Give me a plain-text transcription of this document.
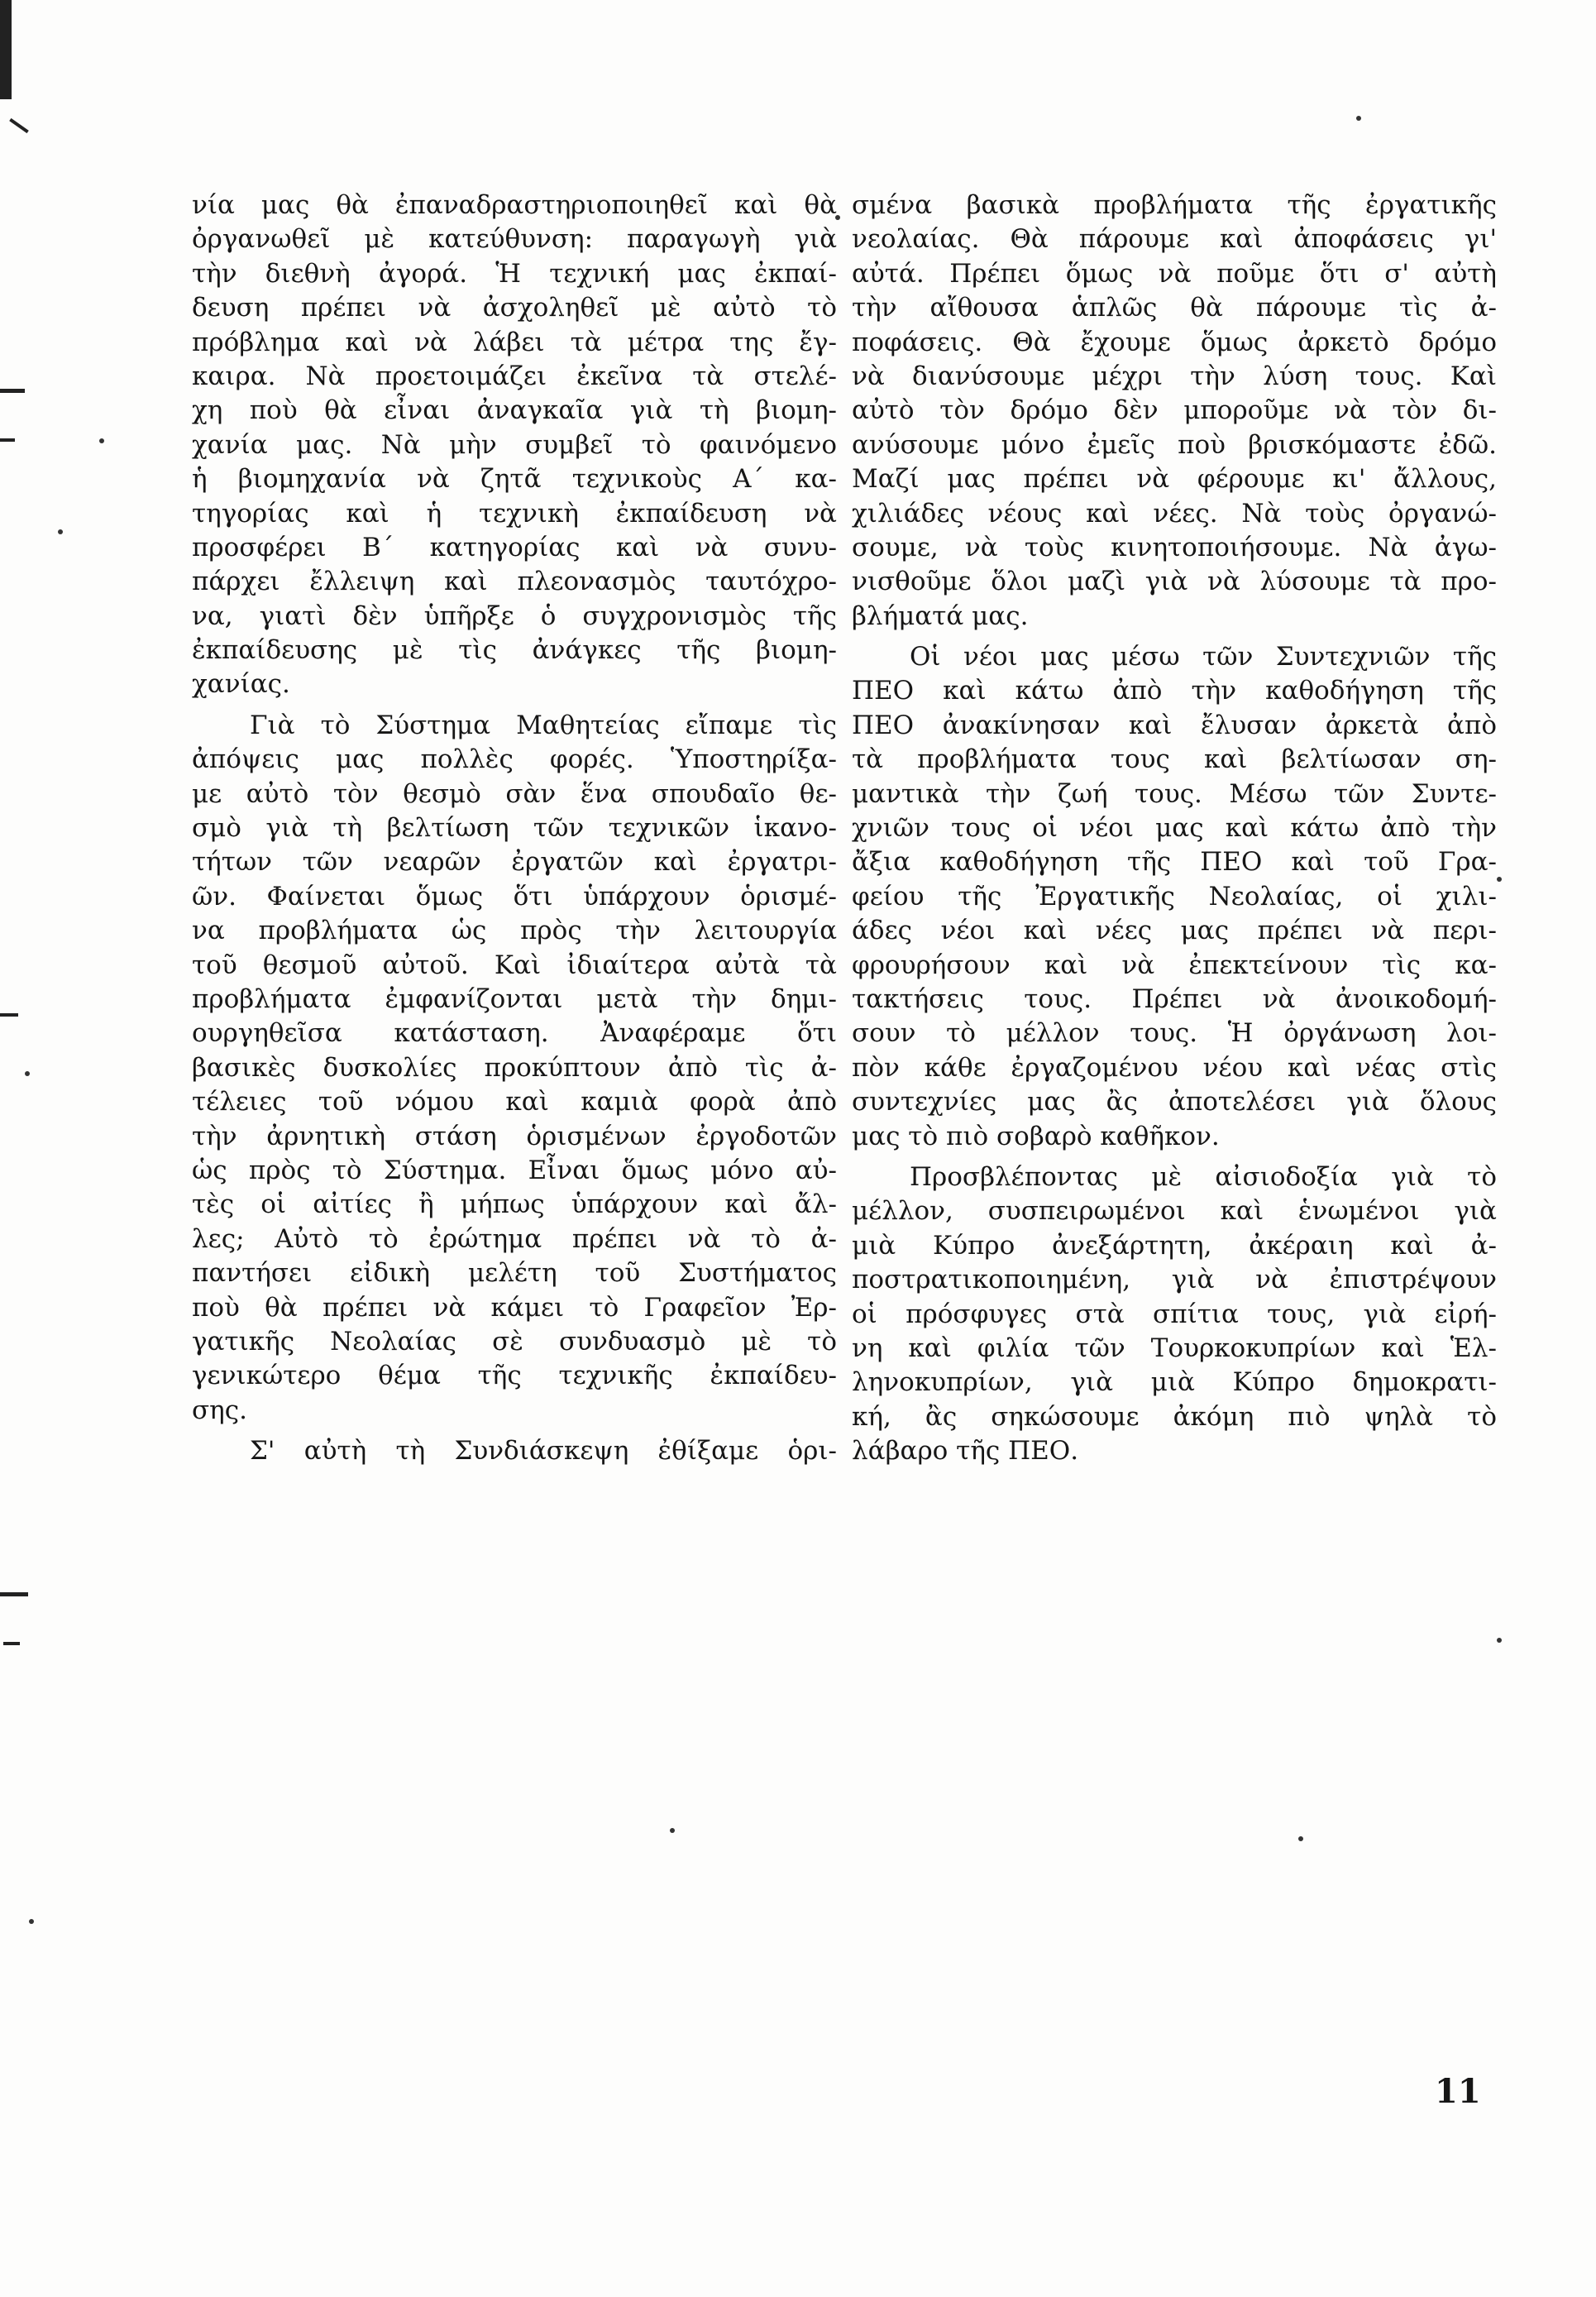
νία μας θὰ ἐπαναδραστηριοποιηθεῖ καὶ θὰ
ὀργανωθεῖ μὲ κατεύθυνση: παραγωγὴ γιὰ
τὴν διεθνὴ ἀγορά. Ἡ τεχνική μας ἐκπαί-
δευση πρέπει νὰ ἀσχοληθεῖ μὲ αὐτὸ τὸ
πρόβλημα καὶ νὰ λάβει τὰ μέτρα της ἔγ-
καιρα. Νὰ προετοιμάζει ἐκεῖνα τὰ στελέ-
χη ποὺ θὰ εἶναι ἀναγκαῖα γιὰ τὴ βιομη-
χανία μας. Νὰ μὴν συμβεῖ τὸ φαινόμενο
ἡ βιομηχανία νὰ ζητᾶ τεχνικοὺς Α΄ κα-
τηγορίας καὶ ἡ τεχνικὴ ἐκπαίδευση νὰ
προσφέρει Β΄ κατηγορίας καὶ νὰ συνυ-
πάρχει ἔλλειψη καὶ πλεονασμὸς ταυτόχρο-
να, γιατὶ δὲν ὑπῆρξε ὁ συγχρονισμὸς τῆς
ἐκπαίδευσης μὲ τὶς ἀνάγκες τῆς βιομη-
χανίας.
Γιὰ τὸ Σύστημα Μαθητείας εἴπαμε τὶς
ἀπόψεις μας πολλὲς φορές. Ὑποστηρίξα-
με αὐτὸ τὸν θεσμὸ σὰν ἕνα σπουδαῖο θε-
σμὸ γιὰ τὴ βελτίωση τῶν τεχνικῶν ἱκανο-
τήτων τῶν νεαρῶν ἐργατῶν καὶ ἐργατρι-
ῶν. Φαίνεται ὅμως ὅτι ὑπάρχουν ὁρισμέ-
να προβλήματα ὡς πρὸς τὴν λειτουργία
τοῦ θεσμοῦ αὐτοῦ. Καὶ ἰδιαίτερα αὐτὰ τὰ
προβλήματα ἐμφανίζονται μετὰ τὴν δημι-
ουργηθεῖσα κατάσταση. Ἀναφέραμε ὅτι
βασικὲς δυσκολίες προκύπτουν ἀπὸ τὶς ἀ-
τέλειες τοῦ νόμου καὶ καμιὰ φορὰ ἀπὸ
τὴν ἀρνητικὴ στάση ὁρισμένων ἐργοδοτῶν
ὡς πρὸς τὸ Σύστημα. Εἶναι ὅμως μόνο αὐ-
τὲς οἱ αἰτίες ἢ μήπως ὑπάρχουν καὶ ἄλ-
λες; Αὐτὸ τὸ ἐρώτημα πρέπει νὰ τὸ ἀ-
παντήσει εἰδικὴ μελέτη τοῦ Συστήματος
ποὺ θὰ πρέπει νὰ κάμει τὸ Γραφεῖον Ἐρ-
γατικῆς Νεολαίας σὲ συνδυασμὸ μὲ τὸ
γενικώτερο θέμα τῆς τεχνικῆς ἐκπαίδευ-
σης.
Σ' αὐτὴ τὴ Συνδιάσκεψη ἐθίξαμε ὁρι-
σμένα βασικὰ προβλήματα τῆς ἐργατικῆς
νεολαίας. Θὰ πάρουμε καὶ ἀποφάσεις γι'
αὐτά. Πρέπει ὅμως νὰ ποῦμε ὅτι σ' αὐτὴ
τὴν αἴθουσα ἁπλῶς θὰ πάρουμε τὶς ἀ-
ποφάσεις. Θὰ ἔχουμε ὅμως ἀρκετὸ δρόμο
νὰ διανύσουμε μέχρι τὴν λύση τους. Καὶ
αὐτὸ τὸν δρόμο δὲν μποροῦμε νὰ τὸν δι-
ανύσουμε μόνο ἐμεῖς ποὺ βρισκόμαστε ἐδῶ.
Μαζί μας πρέπει νὰ φέρουμε κι' ἄλλους,
χιλιάδες νέους καὶ νέες. Νὰ τοὺς ὀργανώ-
σουμε, νὰ τοὺς κινητοποιήσουμε. Νὰ ἀγω-
νισθοῦμε ὅλοι μαζὶ γιὰ νὰ λύσουμε τὰ προ-
βλήματά μας.
Οἱ νέοι μας μέσω τῶν Συντεχνιῶν τῆς
ΠΕΟ καὶ κάτω ἀπὸ τὴν καθοδήγηση τῆς
ΠΕΟ ἀνακίνησαν καὶ ἔλυσαν ἀρκετὰ ἀπὸ
τὰ προβλήματα τους καὶ βελτίωσαν ση-
μαντικὰ τὴν ζωή τους. Μέσω τῶν Συντε-
χνιῶν τους οἱ νέοι μας καὶ κάτω ἀπὸ τὴν
ἄξια καθοδήγηση τῆς ΠΕΟ καὶ τοῦ Γρα-
φείου τῆς Ἐργατικῆς Νεολαίας, οἱ χιλι-
άδες νέοι καὶ νέες μας πρέπει νὰ περι-
φρουρήσουν καὶ νὰ ἐπεκτείνουν τὶς κα-
τακτήσεις τους. Πρέπει νὰ ἀνοικοδομή-
σουν τὸ μέλλον τους. Ἡ ὀργάνωση λοι-
πὸν κάθε ἐργαζομένου νέου καὶ νέας στὶς
συντεχνίες μας ἂς ἀποτελέσει γιὰ ὅλους
μας τὸ πιὸ σοβαρὸ καθῆκον.
Προσβλέποντας μὲ αἰσιοδοξία γιὰ τὸ
μέλλον, συσπειρωμένοι καὶ ἑνωμένοι γιὰ
μιὰ Κύπρο ἀνεξάρτητη, ἀκέραιη καὶ ἀ-
ποστρατικοποιημένη, γιὰ νὰ ἐπιστρέψουν
οἱ πρόσφυγες στὰ σπίτια τους, γιὰ εἰρή-
νη καὶ φιλία τῶν Τουρκοκυπρίων καὶ Ἑλ-
ληνοκυπρίων, γιὰ μιὰ Κύπρο δημοκρατι-
κή, ἂς σηκώσουμε ἀκόμη πιὸ ψηλὰ τὸ
λάβαρο τῆς ΠΕΟ.
11
